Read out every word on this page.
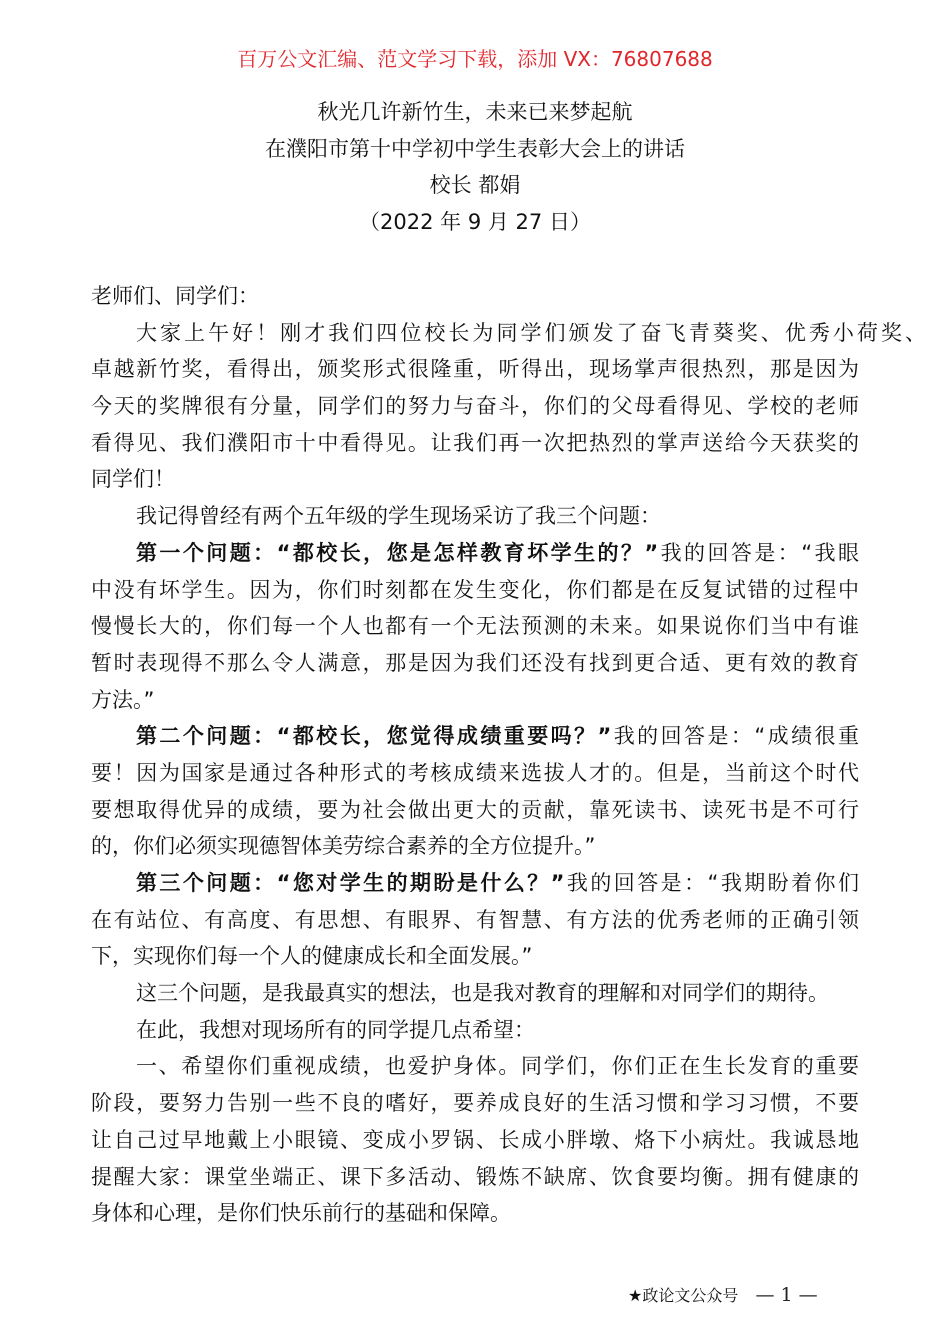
百万公文汇编、范文学习下载，添加 VX：76807688
秋光几许新竹生，未来已来梦起航
在濮阳市第十中学初中学生表彰大会上的讲话
校长 都娟
（2022 年 9 月 27 日）
老师们、同学们：
大家上午好！刚才我们四位校长为同学们颁发了奋飞青葵奖、优秀小荷奖、
卓越新竹奖，看得出，颁奖形式很隆重，听得出，现场掌声很热烈，那是因为
今天的奖牌很有分量，同学们的努力与奋斗，你们的父母看得见、学校的老师
看得见、我们濮阳市十中看得见。让我们再一次把热烈的掌声送给今天获奖的
同学们！
我记得曾经有两个五年级的学生现场采访了我三个问题：
第一个问题：“都校长，您是怎样教育坏学生的？”我的回答是：“我眼
中没有坏学生。因为，你们时刻都在发生变化，你们都是在反复试错的过程中
慢慢长大的，你们每一个人也都有一个无法预测的未来。如果说你们当中有谁
暂时表现得不那么令人满意，那是因为我们还没有找到更合适、更有效的教育
方法。”
第二个问题：“都校长，您觉得成绩重要吗？”我的回答是：“成绩很重
要！因为国家是通过各种形式的考核成绩来选拔人才的。但是，当前这个时代
要想取得优异的成绩，要为社会做出更大的贡献，靠死读书、读死书是不可行
的，你们必须实现德智体美劳综合素养的全方位提升。”
第三个问题：“您对学生的期盼是什么？”我的回答是：“我期盼着你们
在有站位、有高度、有思想、有眼界、有智慧、有方法的优秀老师的正确引领
下，实现你们每一个人的健康成长和全面发展。”
这三个问题，是我最真实的想法，也是我对教育的理解和对同学们的期待。
在此，我想对现场所有的同学提几点希望：
一、希望你们重视成绩，也爱护身体。同学们，你们正在生长发育的重要
阶段，要努力告别一些不良的嗜好，要养成良好的生活习惯和学习习惯，不要
让自己过早地戴上小眼镜、变成小罗锅、长成小胖墩、烙下小病灶。我诚恳地
提醒大家：课堂坐端正、课下多活动、锻炼不缺席、饮食要均衡。拥有健康的
身体和心理，是你们快乐前行的基础和保障。
★政论文公众号 — 1 —
